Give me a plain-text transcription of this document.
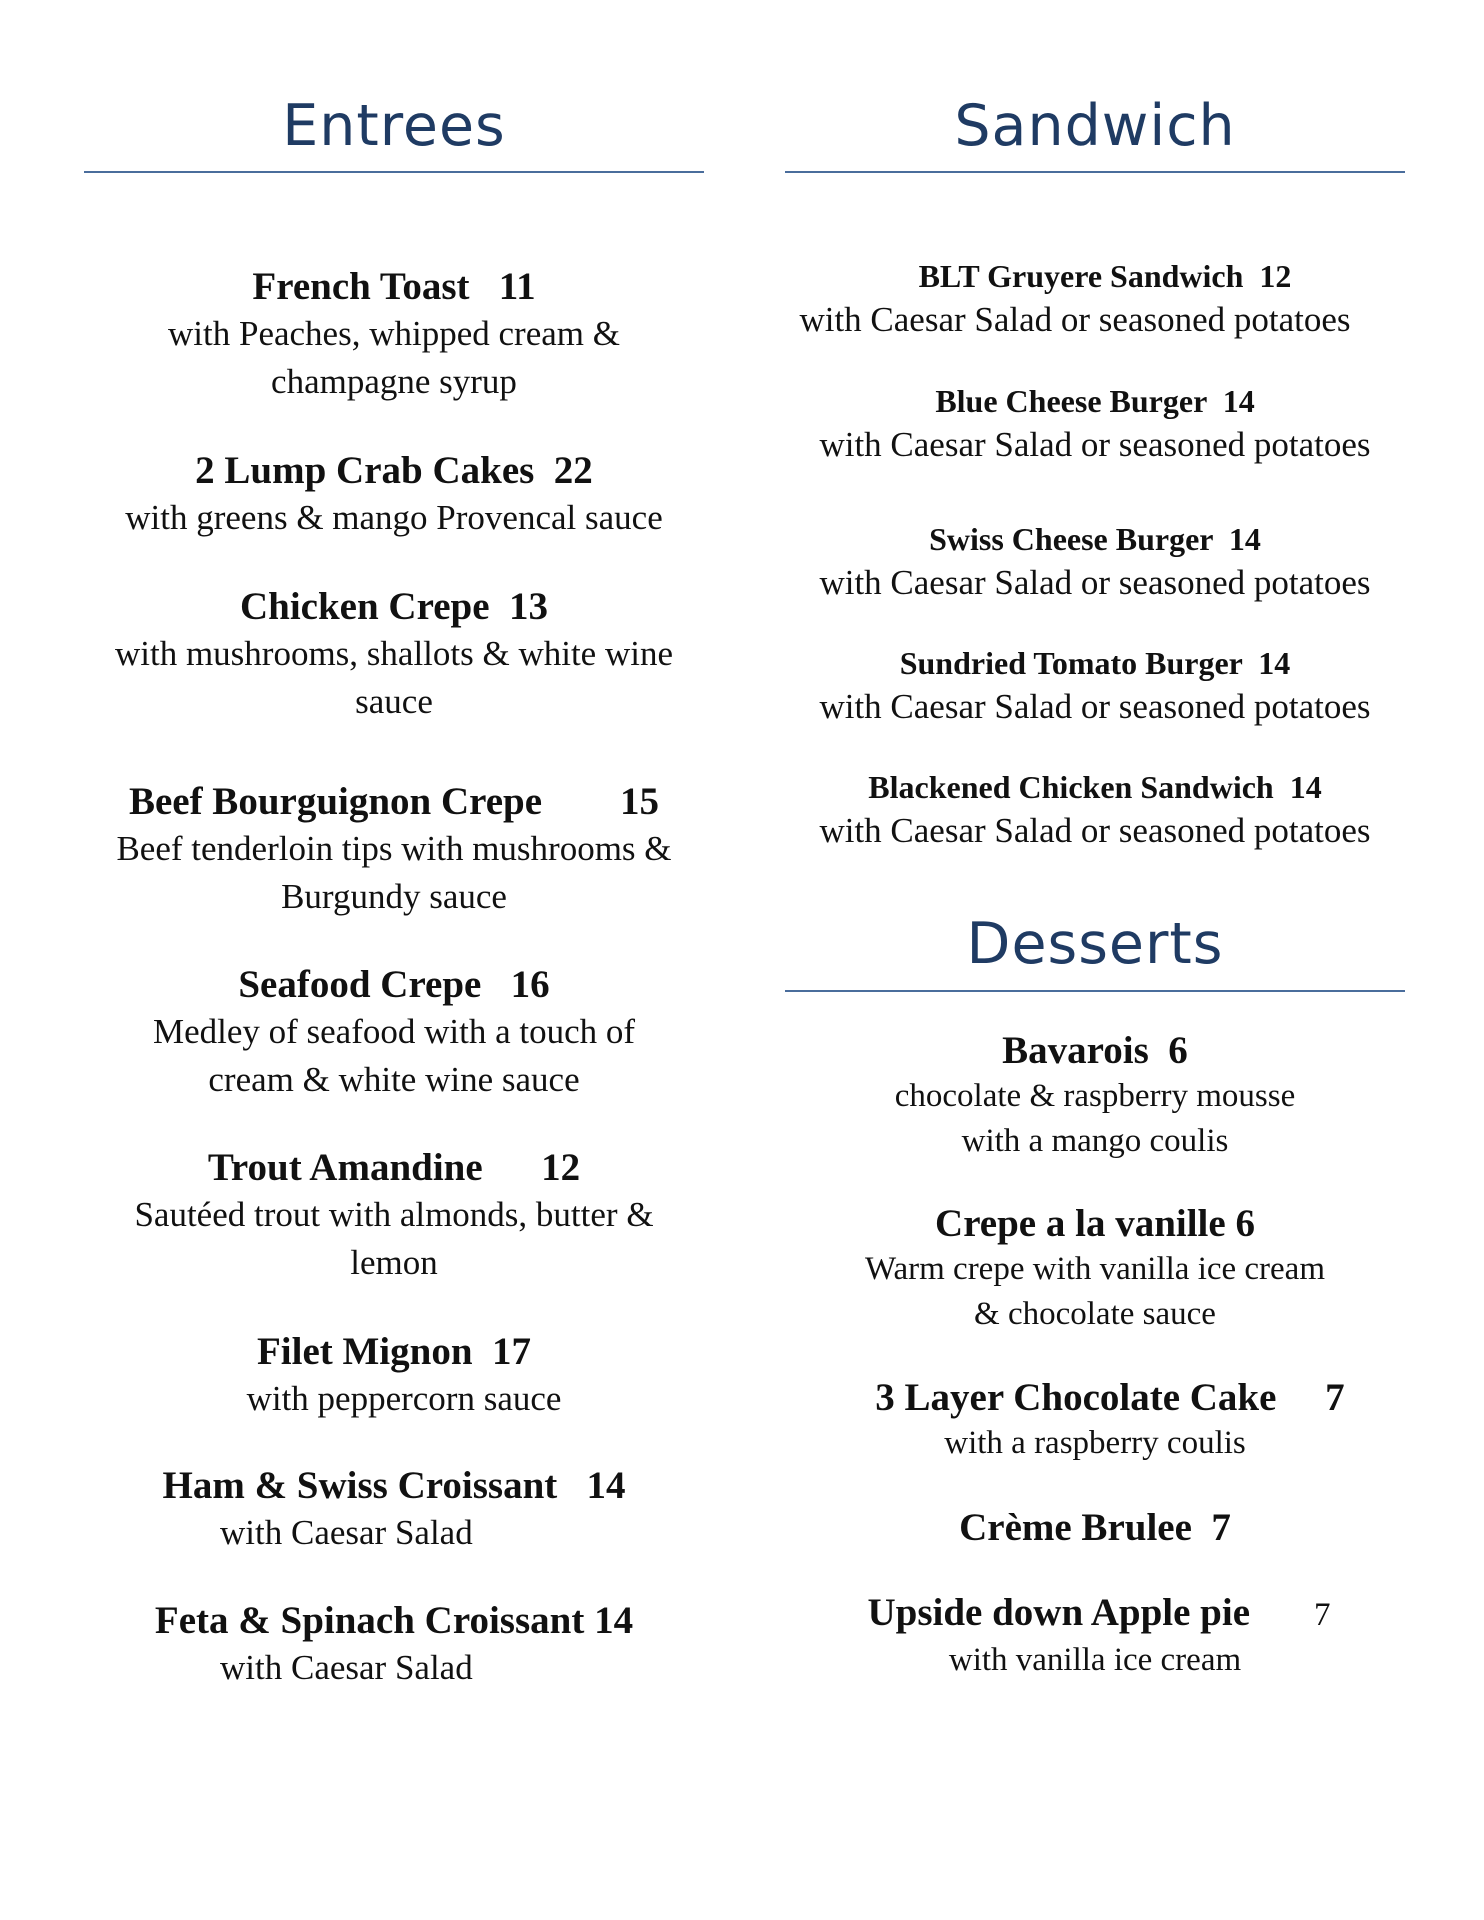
Entrees
French Toast   11
with Peaches, whipped cream &
champagne syrup
2 Lump Crab Cakes  22
with greens & mango Provencal sauce
Chicken Crepe  13
with mushrooms, shallots & white wine
sauce
Beef Bourguignon Crepe        15
Beef tenderloin tips with mushrooms &
Burgundy sauce
Seafood Crepe   16
Medley of seafood with a touch of
cream & white wine sauce
Trout Amandine      12
Sautéed trout with almonds, butter &
lemon
Filet Mignon  17
with peppercorn sauce
Ham & Swiss Croissant   14
with Caesar Salad
Feta & Spinach Croissant 14
with Caesar Salad
Sandwich
BLT Gruyere Sandwich  12
with Caesar Salad or seasoned potatoes
Blue Cheese Burger  14
with Caesar Salad or seasoned potatoes
Swiss Cheese Burger  14
with Caesar Salad or seasoned potatoes
Sundried Tomato Burger  14
with Caesar Salad or seasoned potatoes
Blackened Chicken Sandwich  14
with Caesar Salad or seasoned potatoes
Desserts
Bavarois  6
chocolate & raspberry mousse
with a mango coulis
Crepe a la vanille 6
Warm crepe with vanilla ice cream
& chocolate sauce
3 Layer Chocolate Cake     7
with a raspberry coulis
Crème Brulee  7
Upside down Apple pie 7
with vanilla ice cream
